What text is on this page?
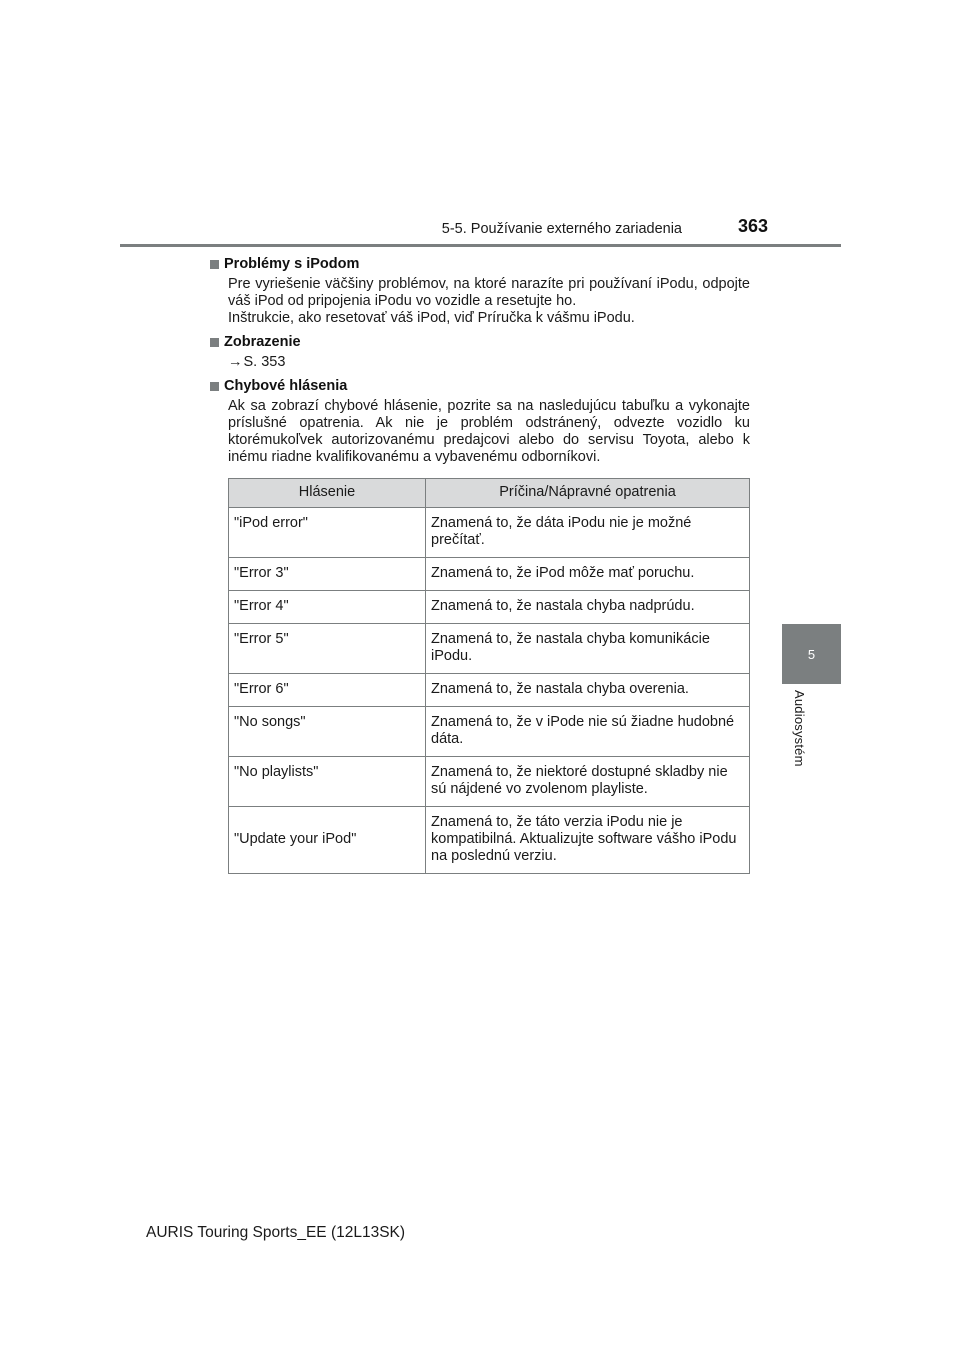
5-5. Používanie externého zariadenia	363
5
Audiosystém
Problémy s iPodom

Pre vyriešenie väčšiny problémov, na ktoré narazíte pri používaní iPodu, odpojte váš iPod od pripojenia iPodu vo vozidle a resetujte ho.

Inštrukcie, ako resetovať váš iPod, viď Príručka k vášmu iPodu.

Zobrazenie

→S. 353

Chybové hlásenia

Ak sa zobrazí chybové hlásenie, pozrite sa na nasledujúcu tabuľku a vykonajte príslušné opatrenia. Ak nie je problém odstránený, odvezte vozidlo ku ktorémukoľvek autorizovanému predajcovi alebo do servisu Toyota, alebo k inému riadne kvalifikovanému a vybavenému odborníkovi.

Hlásenie	Príčina/Nápravné opatrenia
"iPod error"	Znamená to, že dáta iPodu nie je možné prečítať.
"Error 3"	Znamená to, že iPod môže mať poruchu.
"Error 4"	Znamená to, že nastala chyba nadprúdu.
"Error 5"	Znamená to, že nastala chyba komunikácie iPodu.
"Error 6"	Znamená to, že nastala chyba overenia.
"No songs"	Znamená to, že v iPode nie sú žiadne hudobné dáta.
"No playlists"	Znamená to, že niektoré dostupné skladby nie sú nájdené vo zvolenom playliste.
"Update your iPod"	Znamená to, že táto verzia iPodu nie je kompatibilná. Aktualizujte software vášho iPodu na poslednú verziu.
AURIS Touring Sports_EE (12L13SK)
